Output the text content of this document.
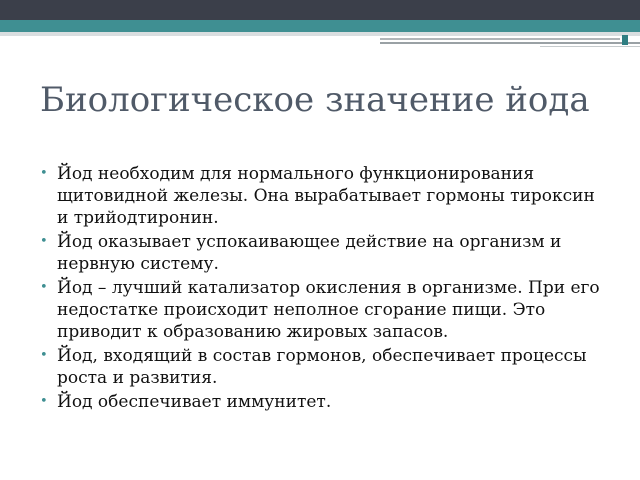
Биологическое значение йода
• Йод необходим для нормального функционирования щитовидной железы. Она вырабатывает гормоны тироксин и трийодтиронин.
• Йод оказывает успокаивающее действие на организм и нервную систему.
• Йод – лучший катализатор окисления в организме. При его недостатке происходит неполное сгорание пищи. Это приводит к образованию жировых запасов.
• Йод, входящий в состав гормонов, обеспечивает процессы роста и развития.
• Йод обеспечивает иммунитет.
